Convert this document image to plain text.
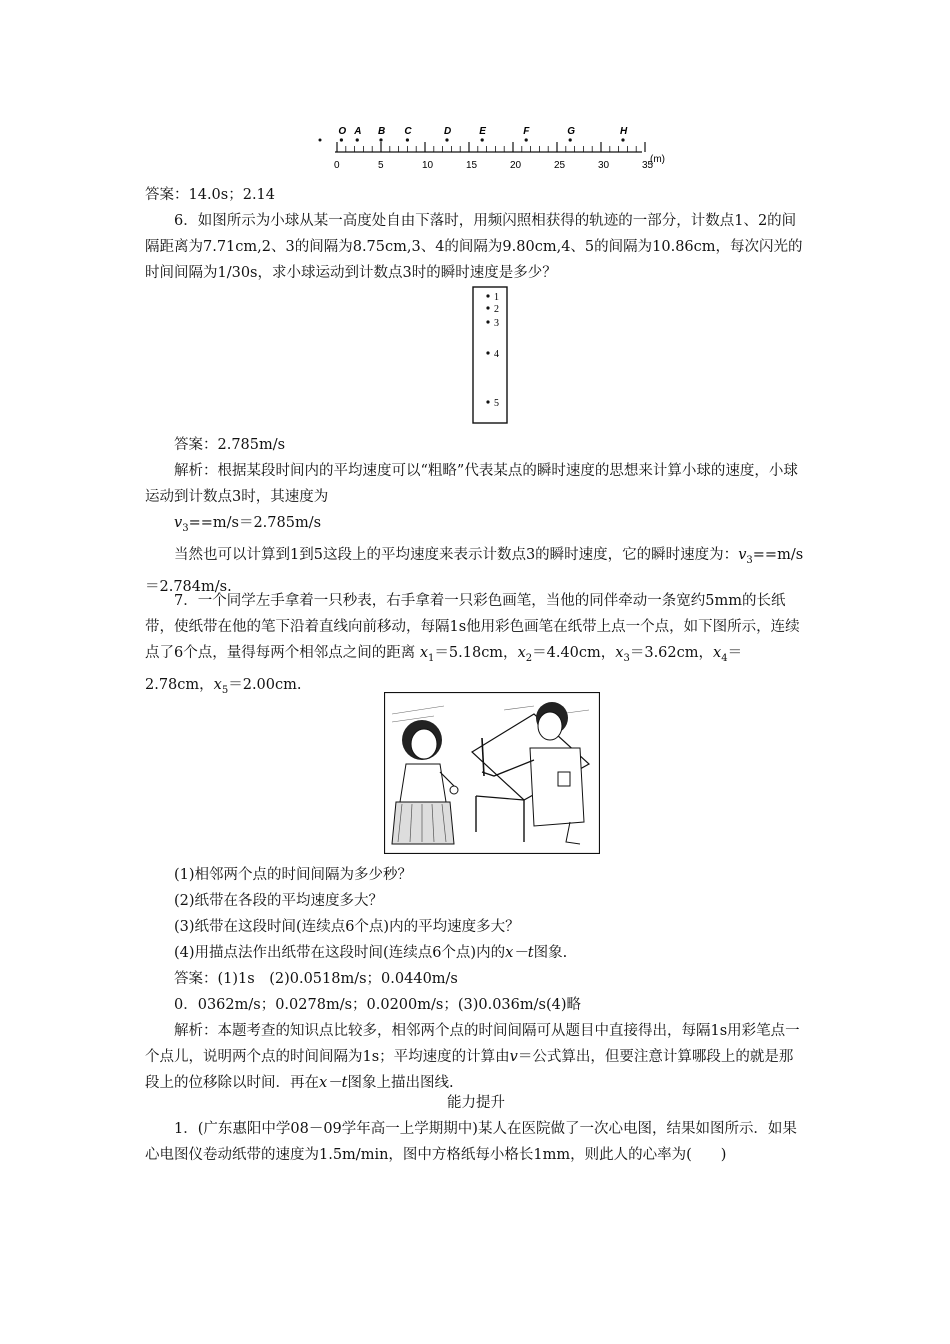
O A B C	D	E	F	G	H
0	5	10	15	20	25	30	35
(m)

答案：14.0s；2.14

6．如图所示为小球从某一高度处自由下落时，用频闪照相获得的轨迹的一部分，计数点1、2的间隔距离为7.71cm,2、3的间隔为8.75cm,3、4的间隔为9.80cm,4、5的间隔为10.86cm，每次闪光的时间间隔为1/30s，求小球运动到计数点3时的瞬时速度是多少？

1
2
3
4
5

答案：2.785m/s

解析：根据某段时间内的平均速度可以“粗略”代表某点的瞬时速度的思想来计算小球的速度，小球运动到计数点3时，其速度为

$v_3==m/s=2.785m/s$

当然也可以计算到1到5这段上的平均速度来表示计数点3的瞬时速度，它的瞬时速度为：$v_3==m/s=2.784m/s$.

7．一个同学左手拿着一只秒表，右手拿着一只彩色画笔，当他的同伴牵动一条宽约5mm的长纸带，使纸带在他的笔下沿着直线向前移动，每隔1s他用彩色画笔在纸带上点一个点，如下图所示，连续点了6个点，量得每两个相邻点之间的距离 $x_1=5.18cm$，$x_2=4.40cm$，$x_3=3.62cm$，$x_4=2.78cm$，$x_5=2.00cm$.

(1)相邻两个点的时间间隔为多少秒？

(2)纸带在各段的平均速度多大？

(3)纸带在这段时间(连续点6个点)内的平均速度多大？

(4)用描点法作出纸带在这段时间(连续点6个点)内的x－t图象.

答案：(1)1s　(2)0.0518m/s；0.0440m/s

0．0362m/s；0.0278m/s；0.0200m/s；(3)0.036m/s(4)略

解析：本题考查的知识点比较多，相邻两个点的时间间隔可从题目中直接得出，每隔1s用彩笔点一个点儿，说明两个点的时间间隔为1s；平均速度的计算由v＝公式算出，但要注意计算哪段上的就是那段上的位移除以时间．再在x－t图象上描出图线.

能力提升

1．(广东惠阳中学08－09学年高一上学期期中)某人在医院做了一次心电图，结果如图所示．如果心电图仪卷动纸带的速度为1.5m/min，图中方格纸每小格长1mm，则此人的心率为(　　)
